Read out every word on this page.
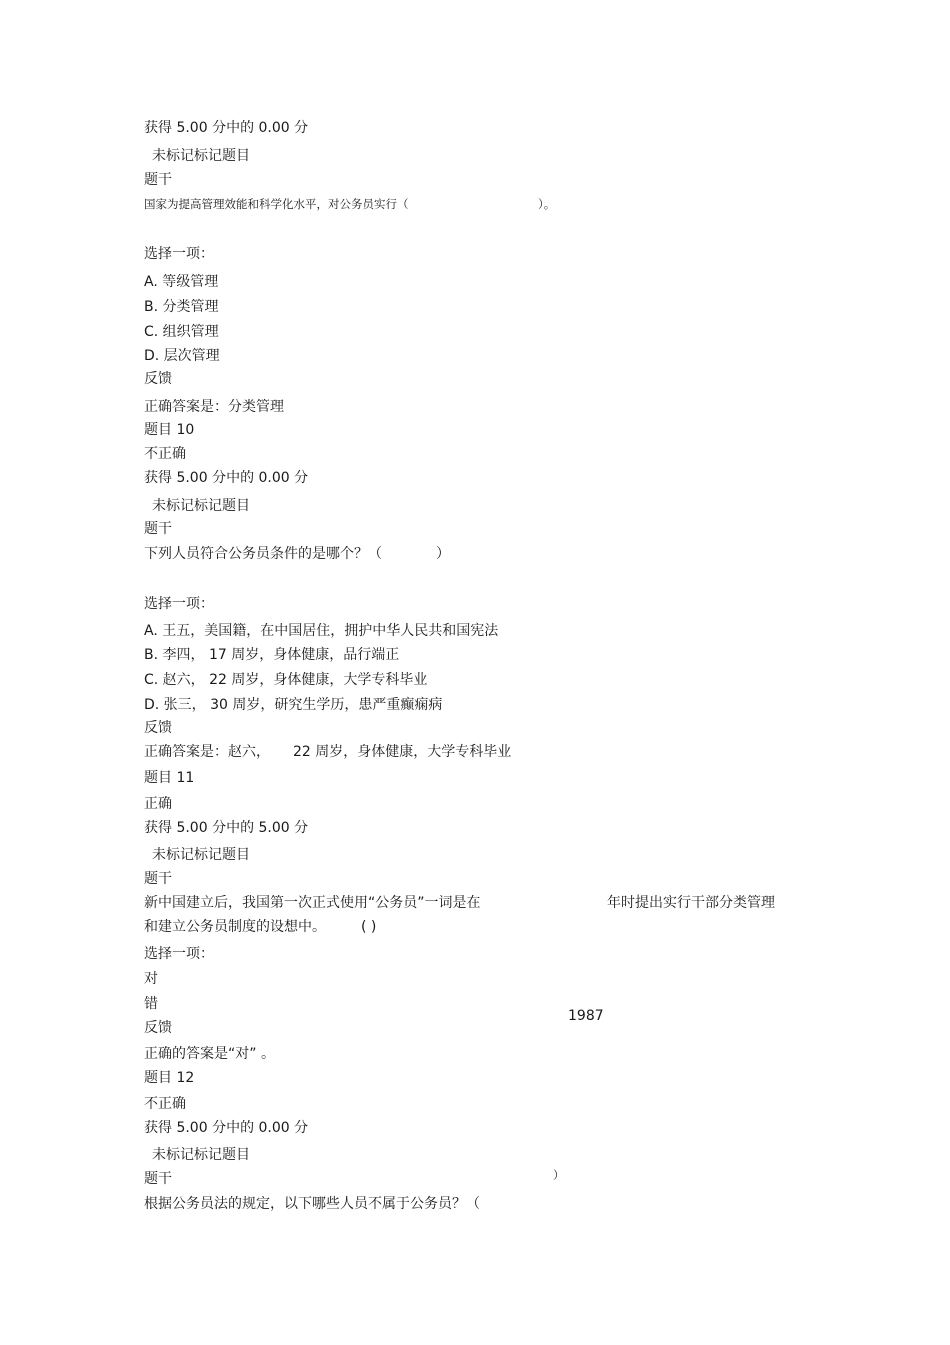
获得 5.00 分中的 0.00 分
未标记标记题目
题干
国家为提高管理效能和科学化水平，对公务员实行（	）。
选择一项：
A. 等级管理
B. 分类管理
C. 组织管理
D. 层次管理
反馈
正确答案是：分类管理
题目 10
不正确
获得 5.00 分中的 0.00 分
未标记标记题目
题干
下列人员符合公务员条件的是哪个？（	）
选择一项：
A. 王五，美国籍，在中国居住，拥护中华人民共和国宪法
B. 李四， 17 周岁，身体健康，品行端正
C. 赵六， 22 周岁，身体健康，大学专科毕业
D. 张三， 30 周岁，研究生学历，患严重癫痫病
反馈
正确答案是：赵六， 22 周岁，身体健康，大学专科毕业
题目 11
正确
获得 5.00 分中的 5.00 分
未标记标记题目
题干
新中国建立后，我国第一次正式使用“公务员”一词是在	年时提出实行干部分类管理
和建立公务员制度的设想中。	( )
选择一项：
对
错
1987
反馈
正确的答案是“对” 。
题目 12
不正确
获得 5.00 分中的 0.00 分
未标记标记题目
题干	）
根据公务员法的规定，以下哪些人员不属于公务员？（
